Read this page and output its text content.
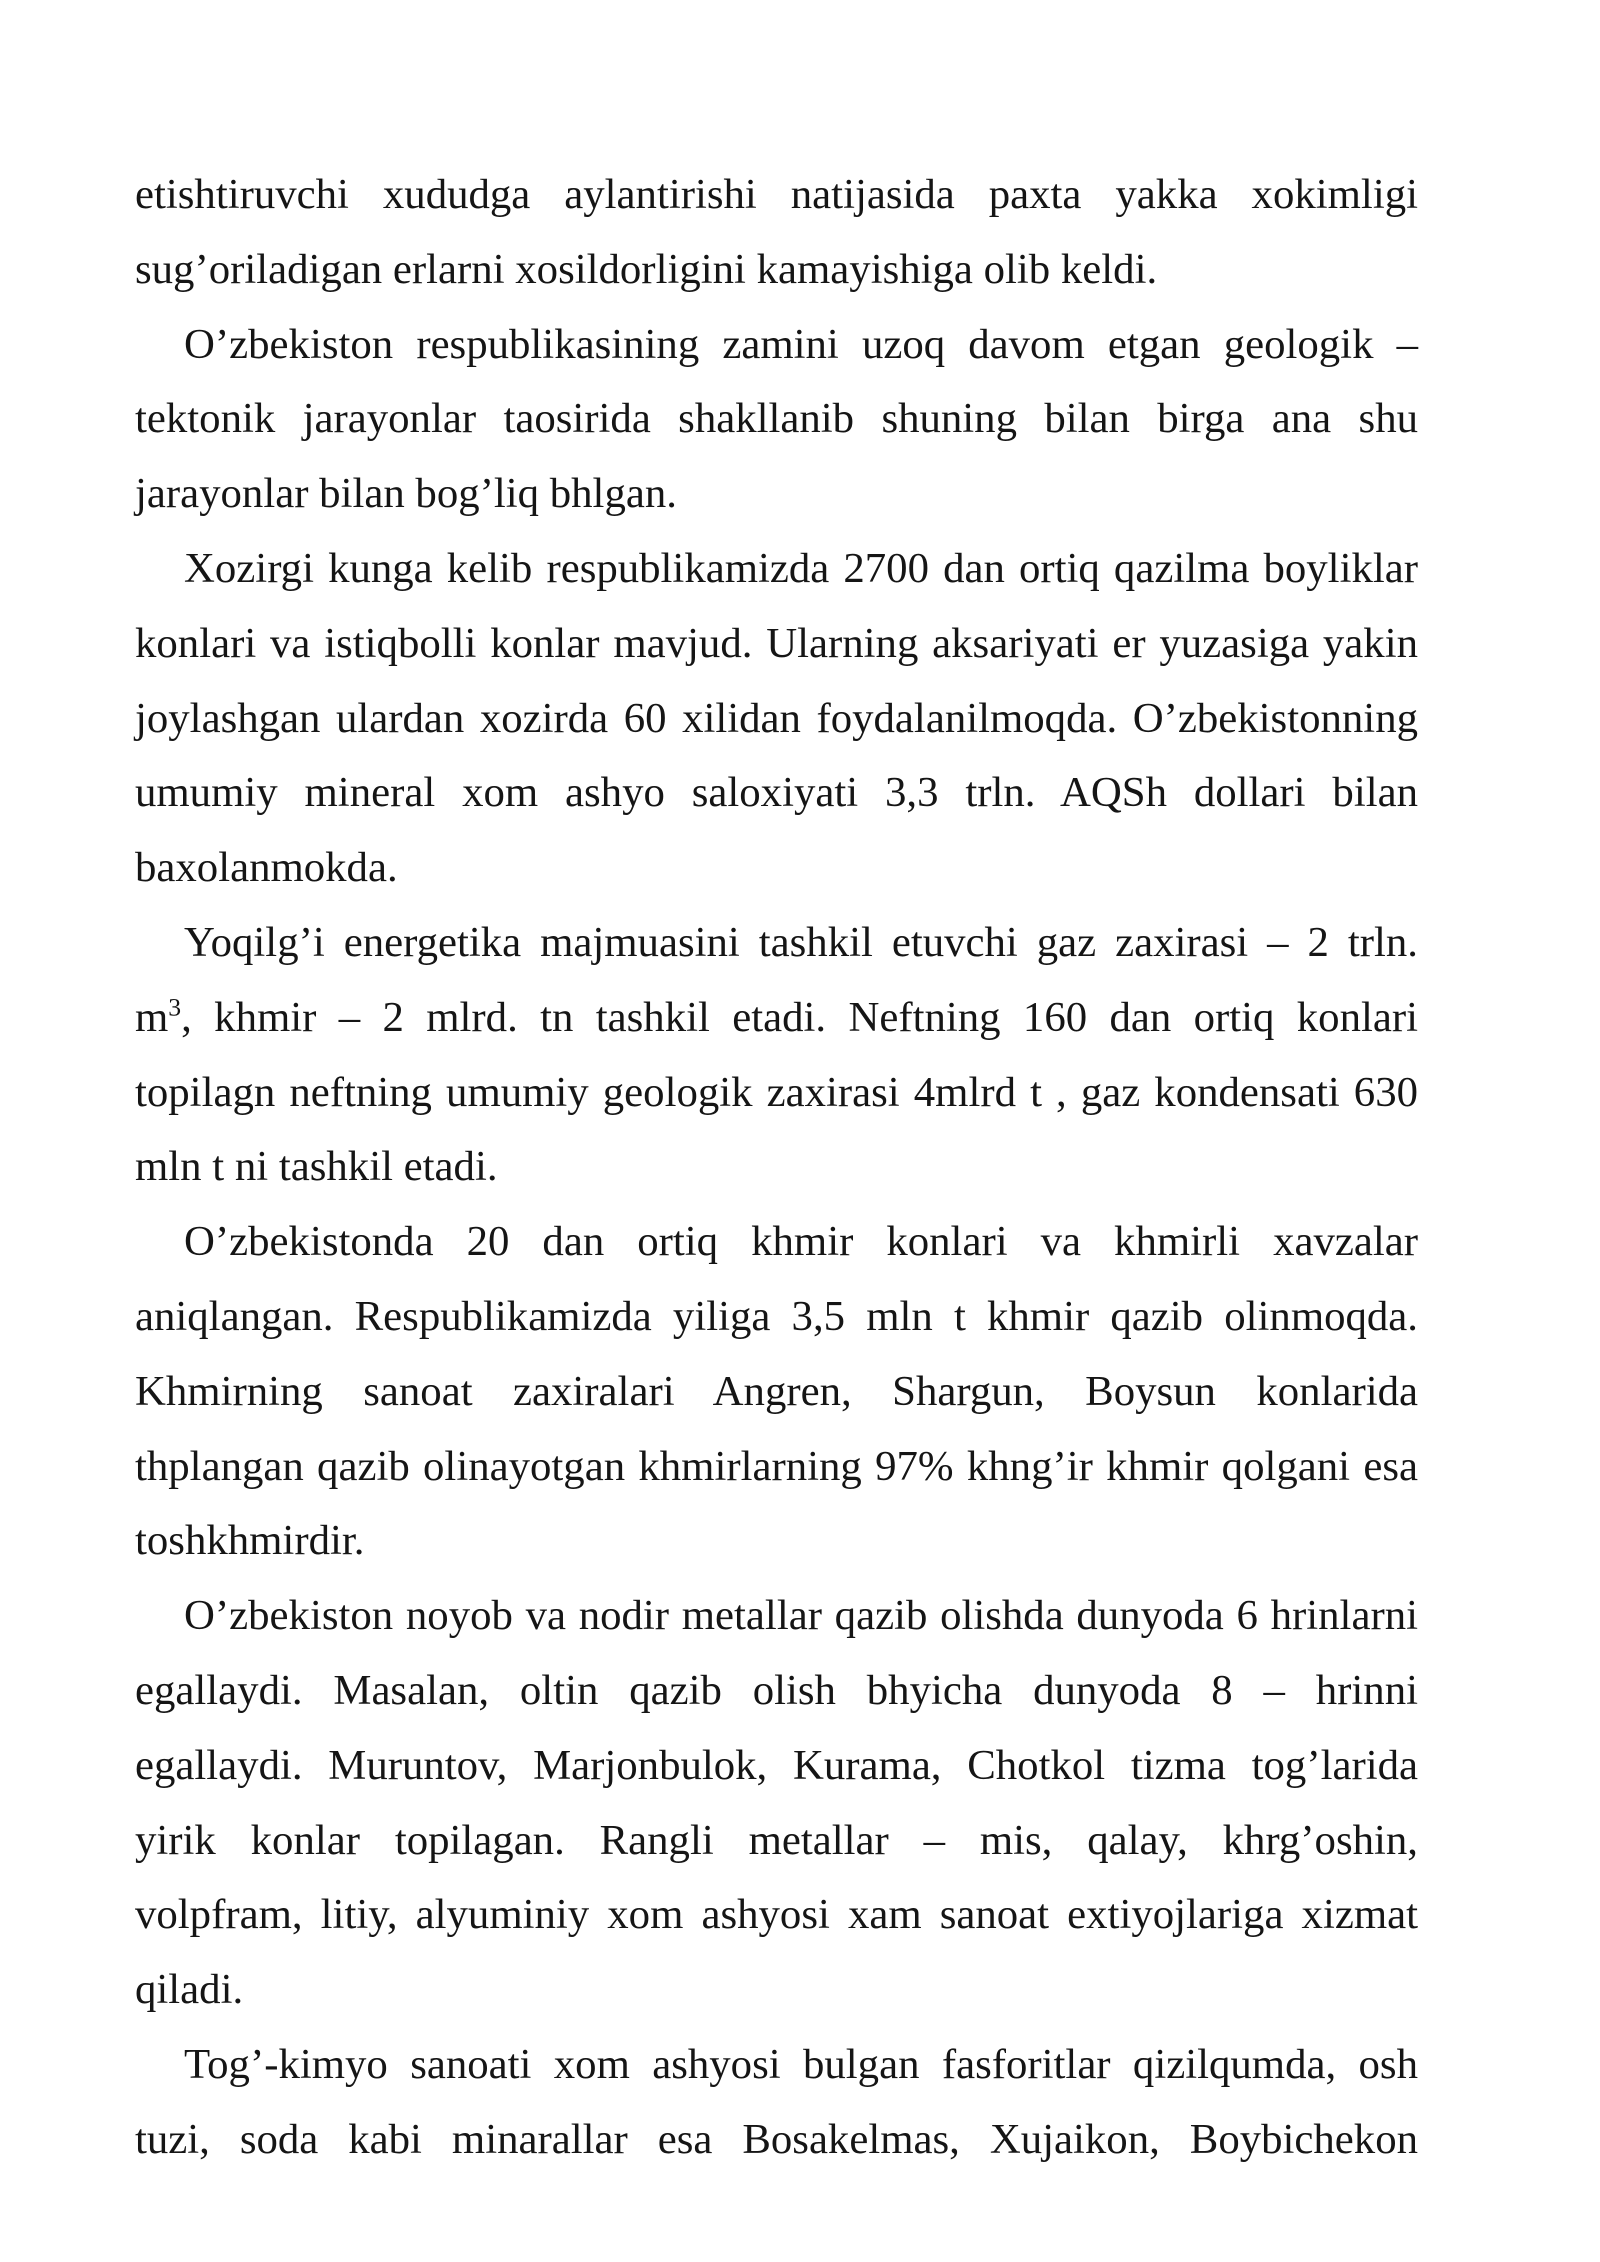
etishtiruvchi xududga aylantirishi natijasida paxta yakka xokimligi
sug’oriladigan erlarni xosildorligini kamayishiga olib keldi.
O’zbekiston respublikasining zamini uzoq davom etgan geologik –
tektonik jarayonlar taosirida shakllanib shuning bilan birga ana shu
jarayonlar bilan bog’liq bhlgan.
Xozirgi kunga kelib respublikamizda 2700 dan ortiq qazilma boyliklar
konlari va istiqbolli konlar mavjud. Ularning aksariyati er yuzasiga yakin
joylashgan ulardan xozirda 60 xilidan foydalanilmoqda. O’zbekistonning
umumiy mineral xom ashyo saloxiyati 3,3 trln. AQSh dollari bilan
baxolanmokda.
Yoqilg’i energetika majmuasini tashkil etuvchi gaz zaxirasi – 2 trln.
$m^3$, khmir – 2 mlrd. tn tashkil etadi. Neftning 160 dan ortiq konlari
topilagn neftning umumiy geologik zaxirasi 4mlrd t , gaz kondensati 630
mln t ni tashkil etadi.
O’zbekistonda 20 dan ortiq khmir konlari va khmirli xavzalar
aniqlangan. Respublikamizda yiliga 3,5 mln t khmir qazib olinmoqda.
Khmirning sanoat zaxiralari Angren, Shargun, Boysun konlarida
thplangan qazib olinayotgan khmirlarning 97% khng’ir khmir qolgani esa
toshkhmirdir.
O’zbekiston noyob va nodir metallar qazib olishda dunyoda 6 hrinlarni
egallaydi. Masalan, oltin qazib olish bhyicha dunyoda 8 – hrinni
egallaydi. Muruntov, Marjonbulok, Kurama, Chotkol tizma tog’larida
yirik konlar topilagan. Rangli metallar – mis, qalay, khrg’oshin,
volpfram, litiy, alyuminiy xom ashyosi xam sanoat extiyojlariga xizmat
qiladi.
Tog’-kimyo sanoati xom ashyosi bulgan fasforitlar qizilqumda, osh
tuzi, soda kabi minarallar esa Bosakelmas, Xujaikon, Boybichekon
